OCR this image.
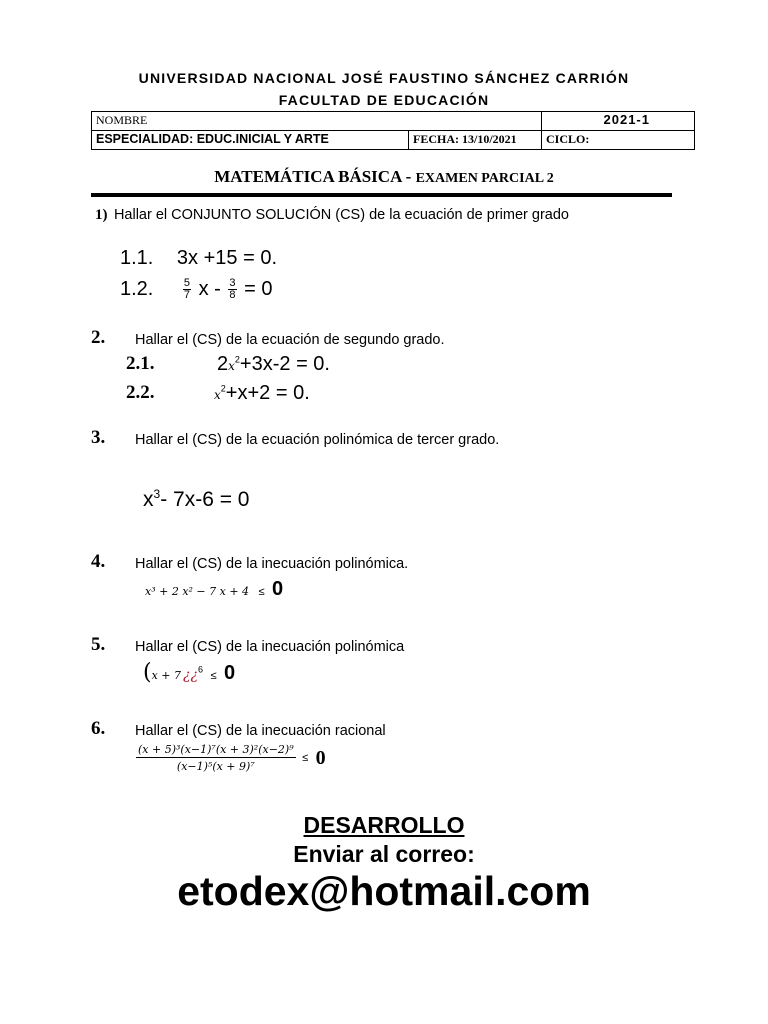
UNIVERSIDAD NACIONAL JOSÉ FAUSTINO SÁNCHEZ CARRIÓN
FACULTAD DE EDUCACIÓN
NOMBRE		2021-1
ESPECIALIDAD: EDUC.INICIAL Y ARTE	FECHA: 13/10/2021	CICLO:
MATEMÁTICA BÁSICA - EXAMEN PARCIAL 2
1) Hallar el CONJUNTO SOLUCIÓN (CS) de la ecuación de primer grado
1.1. 3x +15 = 0.
1.2.	$\frac{5}{7}$ $x - \frac{3}{8} = 0$
2. Hallar el (CS) de la ecuación de segundo grado.
2.1.	$2x^2+3x-2 = 0$.
2.2.	$x^2+x+2 = 0$.
3. Hallar el (CS) de la ecuación polinómica de tercer grado.
$x^3-$ 7x-6 = 0
4. Hallar el (CS) de la inecuación polinómica.
x³ + 2 x² − 7 x + 4 ≤ 0
5. Hallar el (CS) de la inecuación polinómica
(x + 7 ¿¿$^6$ ≤ 0
6. Hallar el (CS) de la inecuación racional
$\frac{\text{(x + 5)³(x−1)⁷(x + 3)²(x−2)⁹}}{\text{(x−1)⁵(x + 9)⁷}} \le 0$
DESARROLLO
Enviar al correo:
etodex@hotmail.com
